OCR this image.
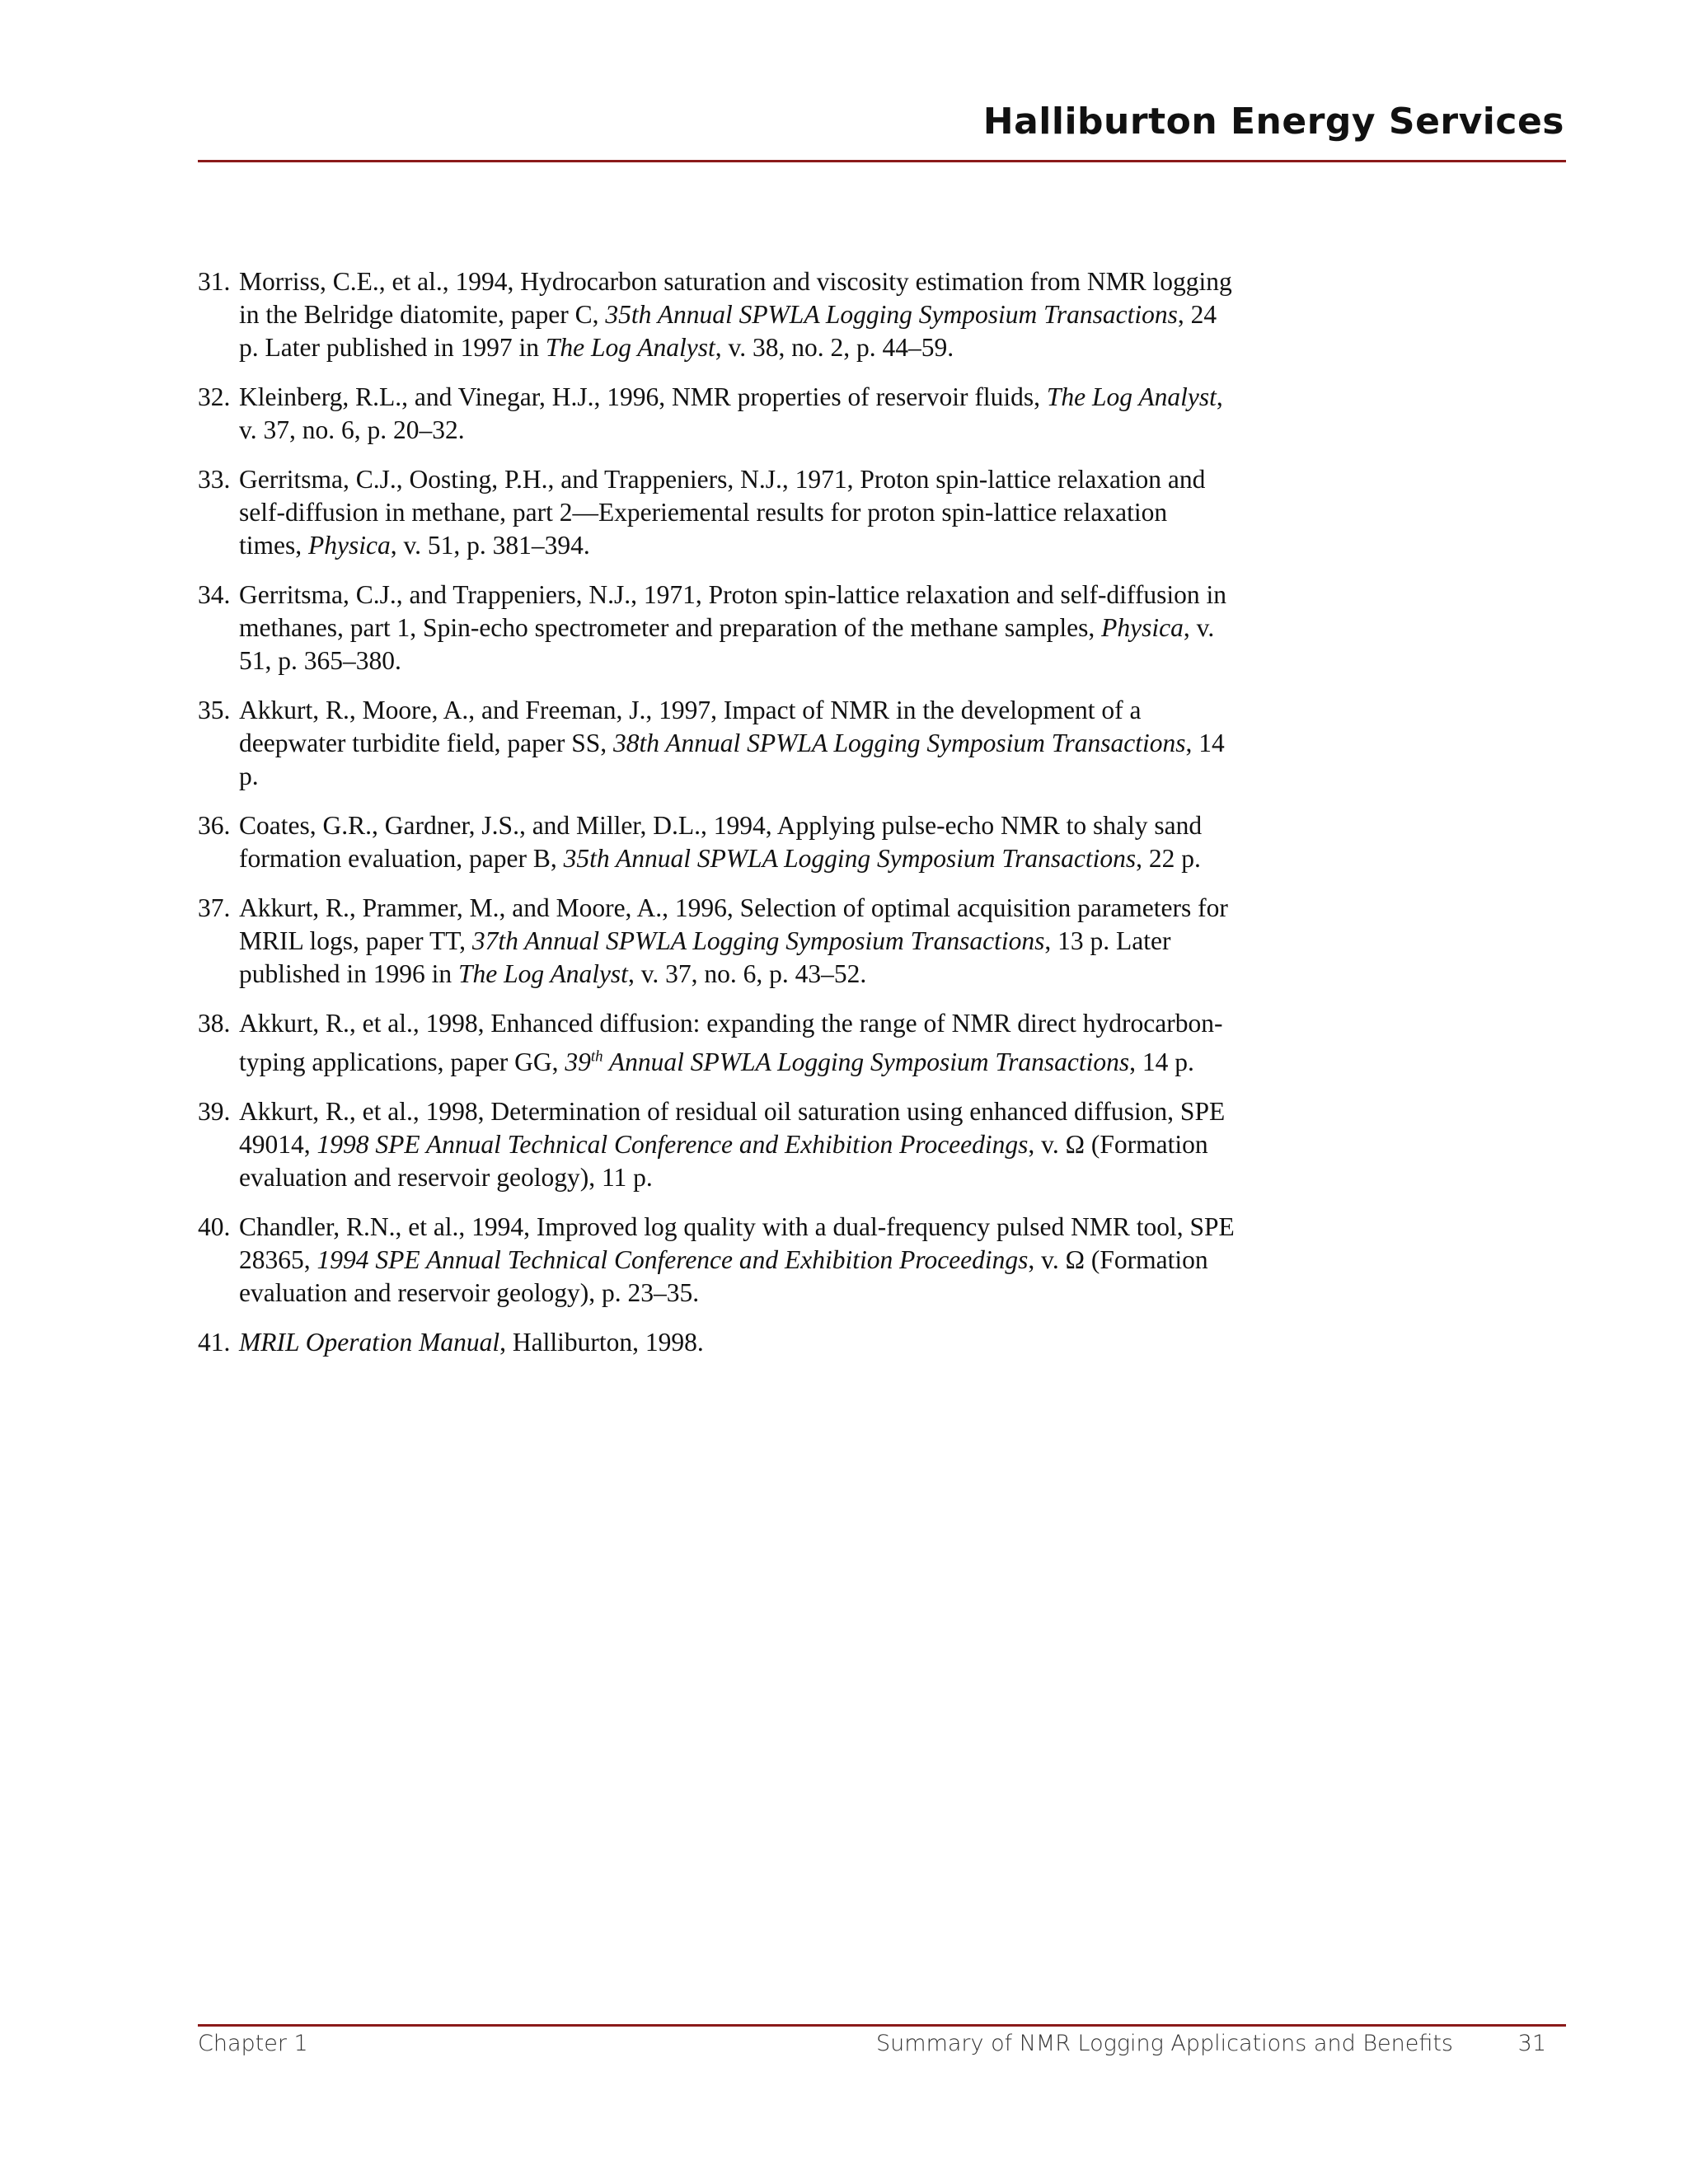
Halliburton Energy Services
31. Morriss, C.E., et al., 1994, Hydrocarbon saturation and viscosity estimation from NMR logging in the Belridge diatomite, paper C, 35th Annual SPWLA Logging Symposium Transactions, 24 p. Later published in 1997 in The Log Analyst, v. 38, no. 2, p. 44–59.
32. Kleinberg, R.L., and Vinegar, H.J., 1996, NMR properties of reservoir fluids, The Log Analyst, v. 37, no. 6, p. 20–32.
33. Gerritsma, C.J., Oosting, P.H., and Trappeniers, N.J., 1971, Proton spin-lattice relaxation and self-diffusion in methane, part 2—Experiemental results for proton spin-lattice relaxation times, Physica, v. 51, p. 381–394.
34. Gerritsma, C.J., and Trappeniers, N.J., 1971, Proton spin-lattice relaxation and self-diffusion in methanes, part 1, Spin-echo spectrometer and preparation of the methane samples, Physica, v. 51, p. 365–380.
35. Akkurt, R., Moore, A., and Freeman, J., 1997, Impact of NMR in the development of a deepwater turbidite field, paper SS, 38th Annual SPWLA Logging Symposium Transactions, 14 p.
36. Coates, G.R., Gardner, J.S., and Miller, D.L., 1994, Applying pulse-echo NMR to shaly sand formation evaluation, paper B, 35th Annual SPWLA Logging Symposium Transactions, 22 p.
37. Akkurt, R., Prammer, M., and Moore, A., 1996, Selection of optimal acquisition parameters for MRIL logs, paper TT, 37th Annual SPWLA Logging Symposium Transactions, 13 p. Later published in 1996 in The Log Analyst, v. 37, no. 6, p. 43–52.
38. Akkurt, R., et al., 1998, Enhanced diffusion: expanding the range of NMR direct hydrocarbon-typing applications, paper GG, 39th Annual SPWLA Logging Symposium Transactions, 14 p.
39. Akkurt, R., et al., 1998, Determination of residual oil saturation using enhanced diffusion, SPE 49014, 1998 SPE Annual Technical Conference and Exhibition Proceedings, v. Ω (Formation evaluation and reservoir geology), 11 p.
40. Chandler, R.N., et al., 1994, Improved log quality with a dual-frequency pulsed NMR tool, SPE 28365, 1994 SPE Annual Technical Conference and Exhibition Proceedings, v. Ω (Formation evaluation and reservoir geology), p. 23–35.
41. MRIL Operation Manual, Halliburton, 1998.
Chapter 1	Summary of NMR Logging Applications and Benefits	31
